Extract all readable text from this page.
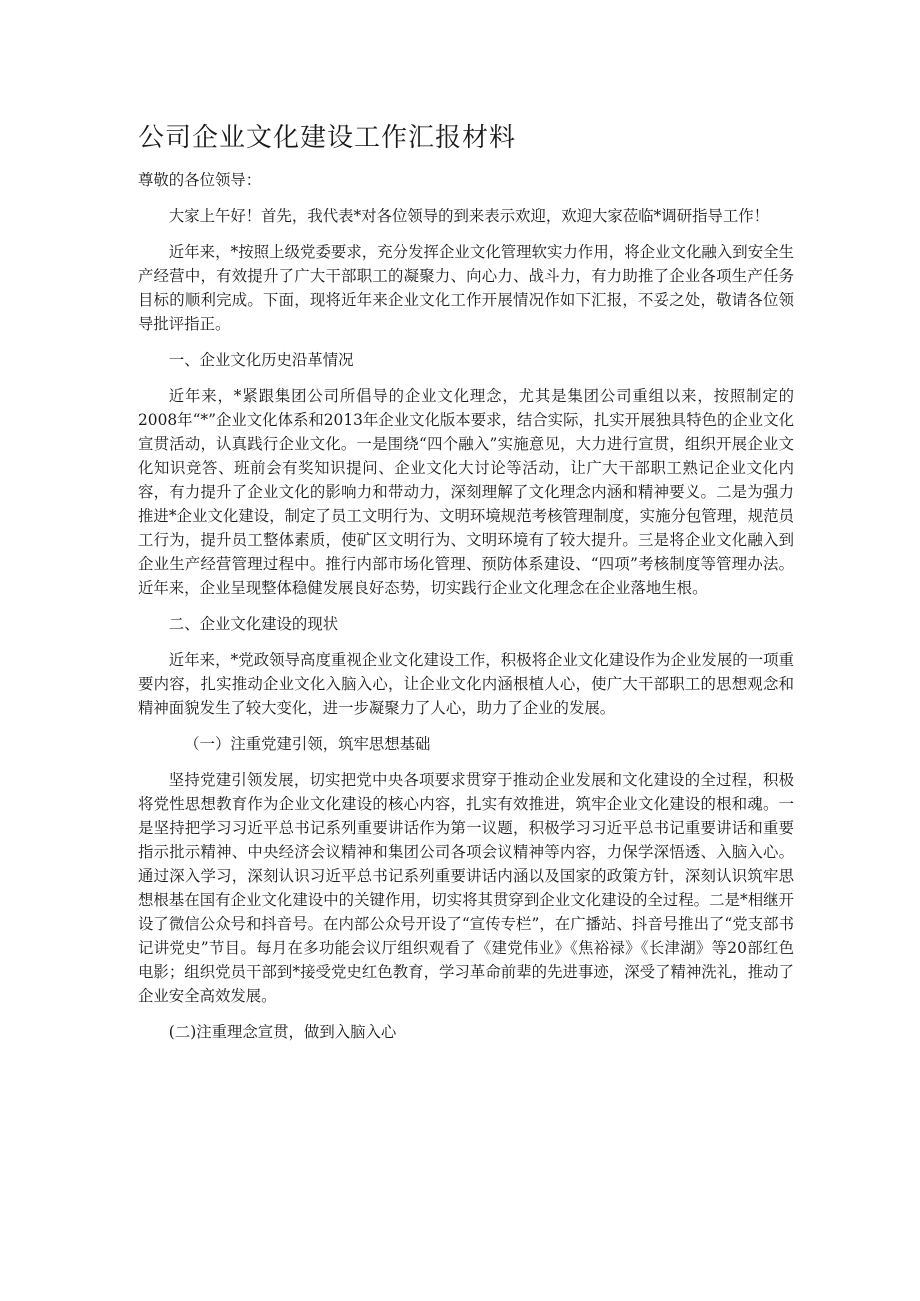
公司企业文化建设工作汇报材料

尊敬的各位领导：

大家上午好！首先，我代表*对各位领导的到来表示欢迎，欢迎大家莅临*调研指导工作！

近年来，*按照上级党委要求，充分发挥企业文化管理软实力作用，将企业文化融入到安全生产经营中，有效提升了广大干部职工的凝聚力、向心力、战斗力，有力助推了企业各项生产任务目标的顺利完成。下面，现将近年来企业文化工作开展情况作如下汇报，不妥之处，敬请各位领导批评指正。

一、企业文化历史沿革情况

近年来，*紧跟集团公司所倡导的企业文化理念，尤其是集团公司重组以来，按照制定的2008年“*”企业文化体系和2013年企业文化版本要求，结合实际，扎实开展独具特色的企业文化宣贯活动，认真践行企业文化。一是围绕“四个融入”实施意见，大力进行宣贯，组织开展企业文化知识竞答、班前会有奖知识提问、企业文化大讨论等活动，让广大干部职工熟记企业文化内容，有力提升了企业文化的影响力和带动力，深刻理解了文化理念内涵和精神要义。二是为强力推进*企业文化建设，制定了员工文明行为、文明环境规范考核管理制度，实施分包管理，规范员工行为，提升员工整体素质，使矿区文明行为、文明环境有了较大提升。三是将企业文化融入到企业生产经营管理过程中。推行内部市场化管理、预防体系建设、“四项”考核制度等管理办法。近年来，企业呈现整体稳健发展良好态势，切实践行企业文化理念在企业落地生根。

二、企业文化建设的现状

近年来，*党政领导高度重视企业文化建设工作，积极将企业文化建设作为企业发展的一项重要内容，扎实推动企业文化入脑入心，让企业文化内涵根植人心，使广大干部职工的思想观念和精神面貌发生了较大变化，进一步凝聚力了人心，助力了企业的发展。

（一）注重党建引领，筑牢思想基础

坚持党建引领发展，切实把党中央各项要求贯穿于推动企业发展和文化建设的全过程，积极将党性思想教育作为企业文化建设的核心内容，扎实有效推进，筑牢企业文化建设的根和魂。一是坚持把学习习近平总书记系列重要讲话作为第一议题，积极学习习近平总书记重要讲话和重要指示批示精神、中央经济会议精神和集团公司各项会议精神等内容，力保学深悟透、入脑入心。通过深入学习，深刻认识习近平总书记系列重要讲话内涵以及国家的政策方针，深刻认识筑牢思想根基在国有企业文化建设中的关键作用，切实将其贯穿到企业文化建设的全过程。二是*相继开设了微信公众号和抖音号。在内部公众号开设了“宣传专栏”，在广播站、抖音号推出了“党支部书记讲党史”节目。每月在多功能会议厅组织观看了《建党伟业》《焦裕禄》《长津湖》等20部红色电影；组织党员干部到*接受党史红色教育，学习革命前辈的先进事迹，深受了精神洗礼，推动了企业安全高效发展。

(二)注重理念宣贯，做到入脑入心
